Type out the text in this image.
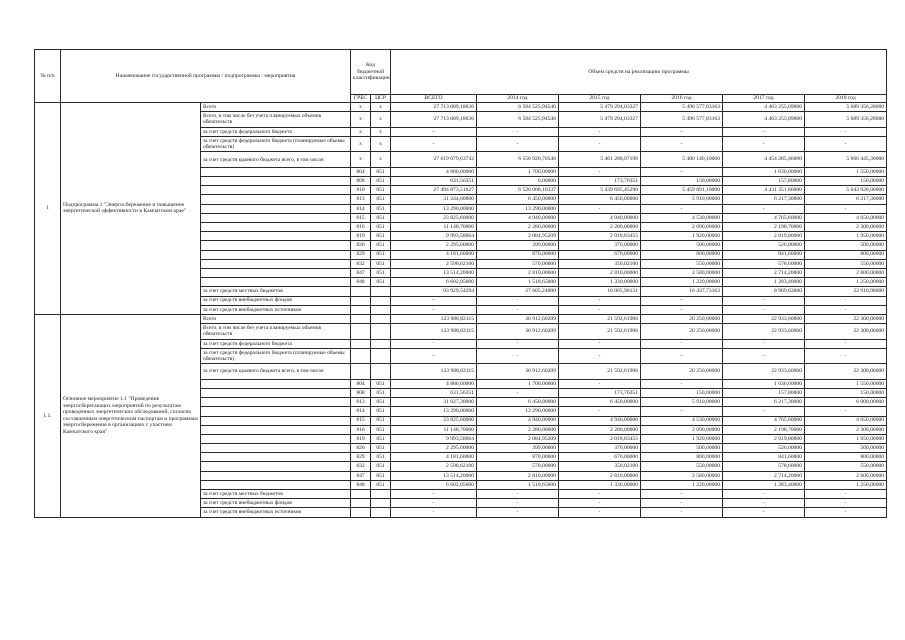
№ п/п	Наименование государственной программы / подпрограммы / мероприятия		Код бюджетной классификации		Объем средств на реализацию программы					
			ГРБС	ЦСР	ВСЕГО	2014 год	2015 год	2016 год	2017 год	2018 год
1	Подпрограмма 1 "Энергосбережение и повышение энергетической эффективности в Камчатском крае"	Всего	x	x	27 713 009,18036	6 584 525,94546	5 479 294,03327	5 496 577,83163	4 463 255,09000	5 689 356,28000
		Всего, в том числе без учета планируемых объемов обязательств	x	x	27 713 009,18036	6 584 525,94546	5 479 294,03327	5 496 577,83163	4 463 255,09000	5 689 356,28000
		за счет средств федерального бюджета	x	x	-	-	-	-	-	-
		за счет средств федерального бюджета (планируемые объемы обязательств)	x	x	-	-	-	-	-	-
		за счет средств краевого бюджета всего, в том числе:	x	x	27 619 079,63742	6 556 920,70546	5 461 288,07196	5 480 140,10000	4 454 285,46000	5 666 445,30000
			804	051	4 880,60000	1 700,00000	-	-	1 630,60000	1 550,00000
			808	051	631,56351	0,00000	173,76351	150,00000	157,80000	150,00000
			810	051	27 494 873,51627	6 520 008,10337	5 439 695,45290	5 459 891,10000	4 431 351,86000	5 643 928,00000
			813	051	31 244,60000	6 450,00000	6 450,00000	5 910,00000	6 217,30000	6 217,30000
			814	051	13 290,00000	13 290,00000	-	-	-	-
			815	051	23 825,60000	4 940,00000	4 940,00000	4 530,00000	4 765,60000	4 650,00000
			816	051	11 148,70000	2 280,00000	2 280,00000	2 090,00000	2 198,70000	2 300,00000
			819	051	9 993,58664	2 084,95209	2 018,83455	1 920,00000	2 019,80000	1 950,00000
			826	051	2 295,00000	399,00000	370,00000	500,00000	526,00000	500,00000
			829	051	4 181,60000	870,00000	670,00000	800,00000	841,60000	800,00000
			832	051	2 598,62100	570,00000	350,02100	550,00000	578,60000	550,00000
			847	051	13 514,20000	2 810,00000	2 810,00000	2 580,00000	2 714,20000	2 600,00000
			848	051	6 602,05000	1 518,65000	1 330,00000	1 220,00000	1 283,40000	1 250,00000
		за счет средств местных бюджетов			93 929,54294	27 605,24000	18 005,96131	16 437,73163	8 969,63000	22 910,98000
		за счет средств внебюджетных фондов			-	-	-	-	-	-
		за счет средств внебюджетных источников			-	-	-	-	-	-
1.1.	Основное мероприятие 1.1 "Проведение энергосберегающих мероприятий по результатам проведенных энергетических обследований, согласно составленным энергетическим паспортам и программам энергосбережения в организациях с участием Камчатского края"	Всего			123 988,82115	36 912,60209	21 592,61906	20 250,00000	22 933,60000	22 300,00000
		Всего, в том числе без учета планируемых объемов обязательств			123 988,82115	36 912,60209	21 592,61906	20 250,00000	22 933,60000	22 300,00000
		за счет средств федерального бюджета			-	-	-	-	-	-
		за счет средств федерального бюджета (планируемые объемы обязательств)			-	-	-	-	-	-
		за счет средств краевого бюджета всего, в том числе:			123 988,82115	36 912,60209	21 592,61906	20 250,00000	22 933,60000	22 300,00000
			804	051	4 880,60000	1 700,00000	-	-	1 630,60000	1 550,00000
			808	051	631,56351	-	173,76351	150,00000	157,80000	150,00000
			813	051	31 027,30000	6 450,00000	6 450,00000	5 910,00000	6 217,30000	6 000,00000
			814	051	13 290,00000	13 290,00000	-	-	-	-
			815	051	23 825,60000	4 940,00000	4 940,00000	4 530,00000	4 765,60000	4 650,00000
			816	051	11 148,70000	2 280,00000	2 280,00000	2 090,00000	2 198,70000	2 300,00000
			819	051	9 993,58664	2 084,95209	2 018,83455	1 920,00000	2 019,80000	1 950,00000
			826	051	2 295,00000	399,00000	370,00000	500,00000	526,00000	500,00000
			829	051	4 181,60000	870,00000	670,00000	800,00000	841,60000	800,00000
			832	051	2 598,62100	570,00000	350,02100	550,00000	578,60000	550,00000
			847	051	13 514,20000	2 810,00000	2 810,00000	2 580,00000	2 714,20000	2 600,00000
			848	051	6 602,05000	1 518,65000	1 330,00000	1 220,00000	1 283,40000	1 250,00000
		за счет средств местных бюджетов			-	-	-	-	-	-
		за счет средств внебюджетных фондов			-	-	-	-	-	-
		за счет средств внебюджетных источников			-	-	-	-	-	-
